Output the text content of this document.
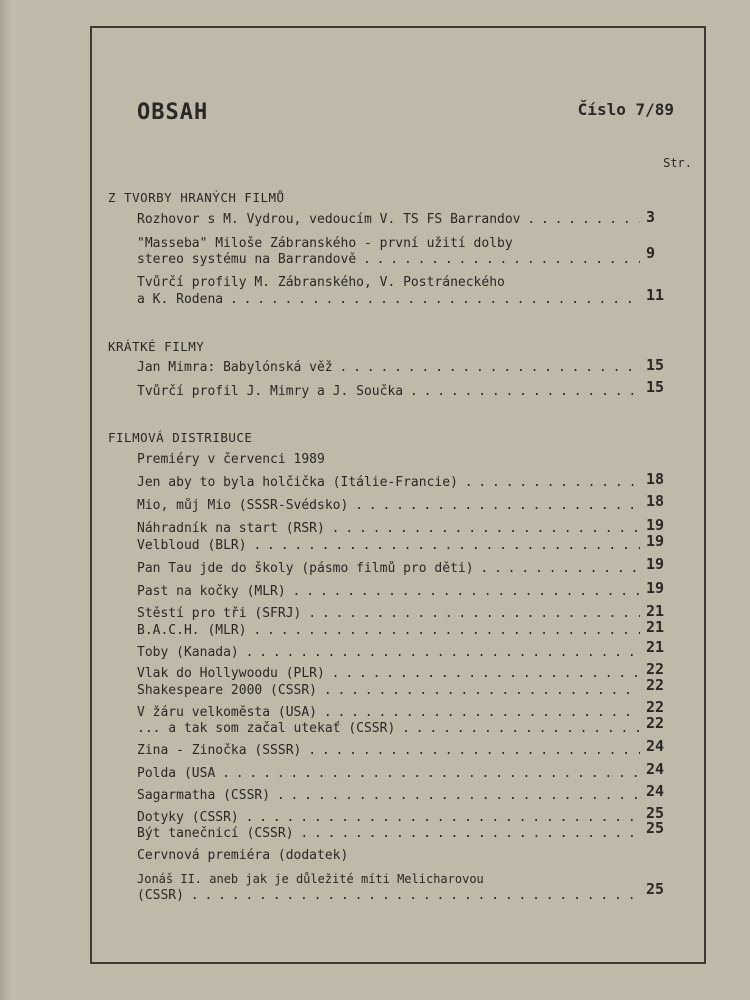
OBSAH	Číslo 7/89
Str.
Z TVORBY HRANÝCH FILMŮ
Rozhovor s M. Vydrou, vedoucím V. TS FS Barrandov . . .	3
"Masseba" Miloše Zábranského - první užití dolby
stereo systému na Barrandově . . .	9
Tvůrčí profily M. Zábranského, V. Postráneckého
a K. Rodena . . .	11
KRÁTKÉ FILMY
Jan Mimra: Babylónská věž . . .	15
Tvůrčí profil J. Mimry a J. Součka . . .	15
FILMOVÁ DISTRIBUCE
Premiéry v červenci 1989
Jen aby to byla holčička (Itálie-Francie) . . .	18
Mio, můj Mio (SSSR-Švédsko) . . .	18
Náhradník na start (RSR) . . .	19
Velbloud (BLR) . . .	19
Pan Tau jde do školy (pásmo filmů pro děti) . . .	19
Past na kočky (MLR) . . .	19
Štěstí pro tři (SFRJ) . . .	21
B.A.C.H. (MLR) . . .	21
Toby (Kanada) . . .	21
Vlak do Hollywoodu (PLR) . . .	22
Shakespeare 2000 (ČSSR) . . .	22
V žáru velkoměsta (USA) . . .	22
... a tak som začal utekať (ČSSR) . . .	22
Zina - Zinočka (SSSR) . . .	24
Polda (USA . . .	24
Sagarmatha (ČSSR) . . .	24
Dotyky (ČSSR) . . .	25
Být tanečnicí (ČSSR) . . .	25
Červnová premiéra (dodatek)
Jonáš II. aneb jak je důležité míti Melicharovou
(ČSSR) . . .	25
